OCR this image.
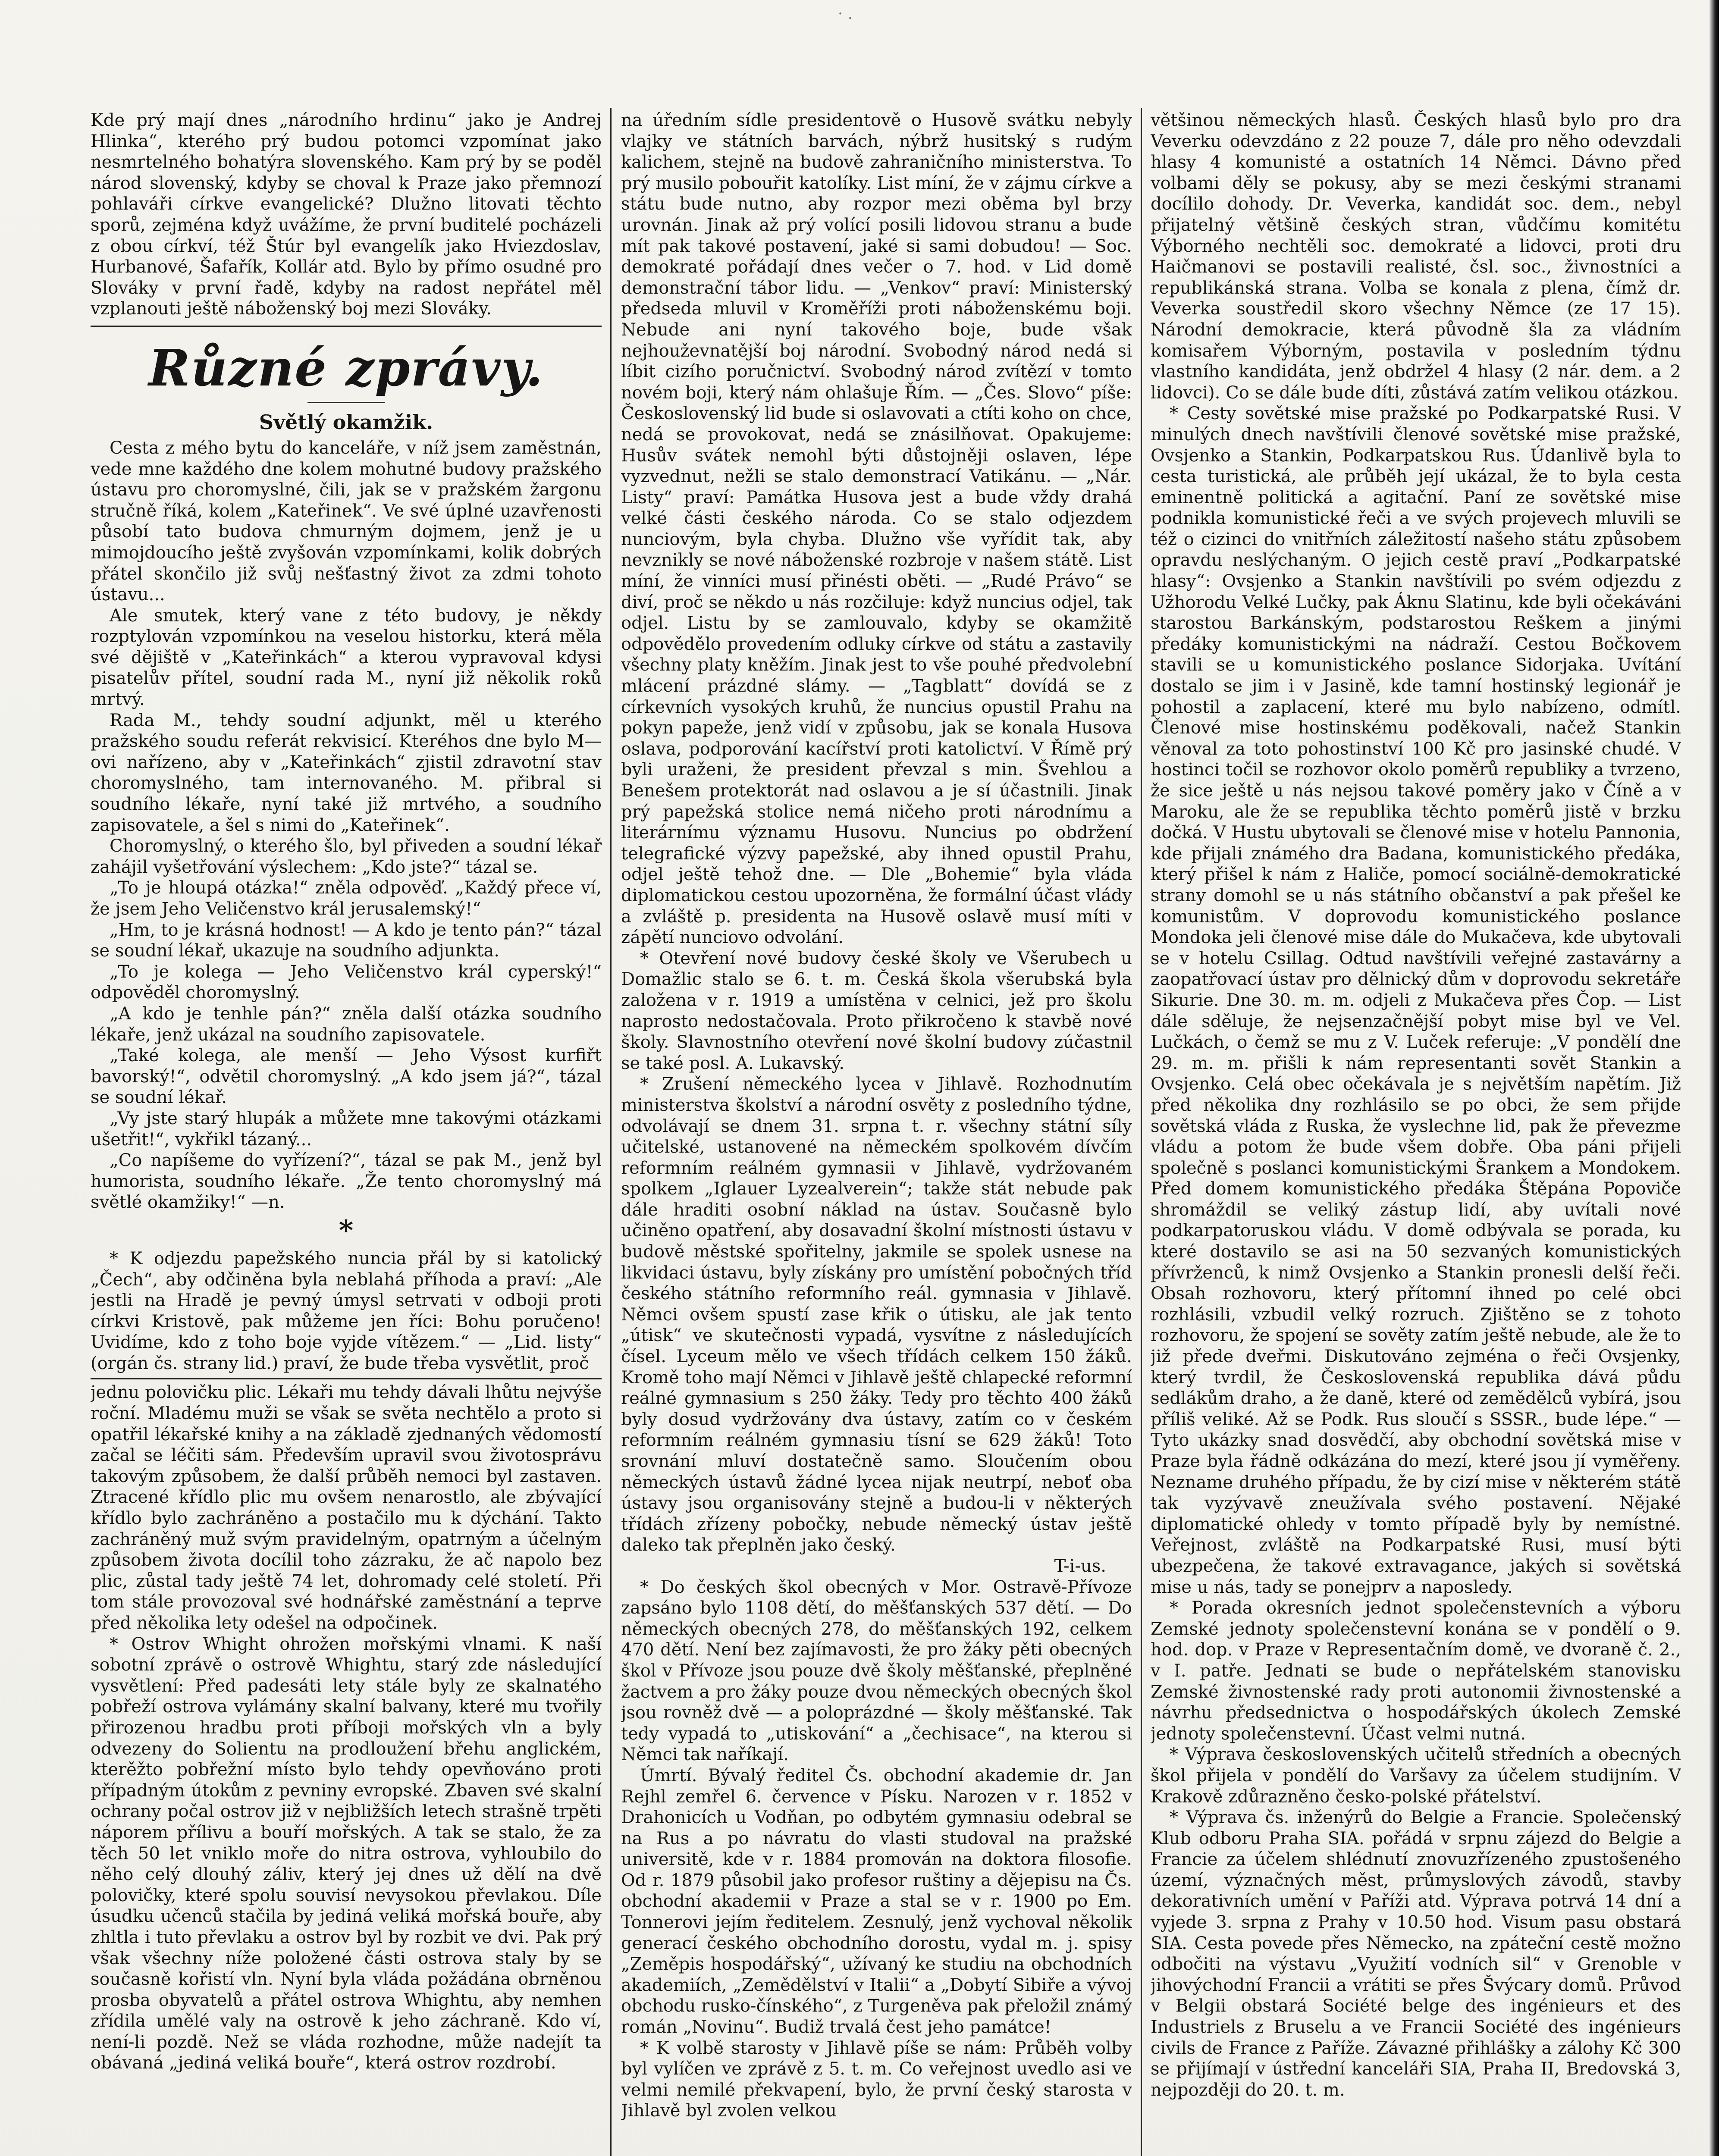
· .

Kde prý mají dnes „národního hrdinu“ jako je Andrej Hlinka“, kterého prý budou potomci vzpomínat jako nesmrtelného bohatýra slovenského. Kam prý by se poděl národ slovenský, kdyby se choval k Praze jako přemnozí pohlaváři církve evangelické? Dlužno litovati těchto sporů, zejména když uvážíme, že první buditelé pocházeli z obou církví, též Štúr byl evangelík jako Hviezdoslav, Hurbanové, Šafařík, Kollár atd. Bylo by přímo osudné pro Slováky v první řadě, kdyby na radost nepřátel měl vzplanouti ještě náboženský boj mezi Slováky.

Různé zprávy.
Světlý okamžik.

Cesta z mého bytu do kanceláře, v níž jsem zaměstnán, vede mne každého dne kolem mohutné budovy pražského ústavu pro choromyslné, čili, jak se v pražském žargonu stručně říká, kolem „Kateřinek“. Ve své úplné uzavřenosti působí tato budova chmurným dojmem, jenž je u mimojdoucího ještě zvyšován vzpomínkami, kolik dobrých přátel skončilo již svůj nešťastný život za zdmi tohoto ústavu...

Ale smutek, který vane z této budovy, je někdy rozptylován vzpomínkou na veselou historku, která měla své dějiště v „Kateřinkách“ a kterou vypravoval kdysi pisatelův přítel, soudní rada M., nyní již několik roků mrtvý.

Rada M., tehdy soudní adjunkt, měl u kterého pražského soudu referát rekvisicí. Kteréhos dne bylo M—ovi nařízeno, aby v „Kateřinkách“ zjistil zdravotní stav choromyslného, tam internovaného. M. přibral si soudního lékaře, nyní také již mrtvého, a soudního zapisovatele, a šel s nimi do „Kateřinek“.

Choromyslný, o kterého šlo, byl přiveden a soudní lékař zahájil vyšetřování výslechem: „Kdo jste?“ tázal se.

„To je hloupá otázka!“ zněla odpověď. „Každý přece ví, že jsem Jeho Veličenstvo král jerusalemský!“

„Hm, to je krásná hodnost! — A kdo je tento pán?“ tázal se soudní lékař, ukazuje na soudního adjunkta.

„To je kolega — Jeho Veličenstvo král cyperský!“ odpověděl choromyslný.

„A kdo je tenhle pán?“ zněla další otázka soudního lékaře, jenž ukázal na soudního zapisovatele.

„Také kolega, ale menší — Jeho Výsost kurfiřt bavorský!“, odvětil choromyslný. „A kdo jsem já?“, tázal se soudní lékař.

„Vy jste starý hlupák a můžete mne takovými otázkami ušetřit!“, vykřikl tázaný...

„Co napíšeme do vyřízení?“, tázal se pak M., jenž byl humorista, soudního lékaře. „Že tento choromyslný má světlé okamžiky!“ —n.

*

* K odjezdu papežského nuncia přál by si katolický „Čech“, aby odčiněna byla neblahá příhoda a praví: „Ale jestli na Hradě je pevný úmysl setrvati v odboji proti církvi Kristově, pak můžeme jen říci: Bohu poručeno! Uvidíme, kdo z toho boje vyjde vítězem.“ — „Lid. listy“ (orgán čs. strany lid.) praví, že bude třeba vysvětlit, proč

jednu polovičku plic. Lékaři mu tehdy dávali lhůtu nejvýše roční. Mladému muži se však se světa nechtělo a proto si opatřil lékařské knihy a na základě zjednaných vědomostí začal se léčiti sám. Především upravil svou životosprávu takovým způsobem, že další průběh nemoci byl zastaven. Ztracené křídlo plic mu ovšem nenarostlo, ale zbývající křídlo bylo zachráněno a postačilo mu k dýchání. Takto zachráněný muž svým pravidelným, opatrným a účelným způsobem života docílil toho zázraku, že ač napolo bez plic, zůstal tady ještě 74 let, dohromady celé století. Při tom stále provozoval své hodnářské zaměstnání a teprve před několika lety odešel na odpočinek.

* Ostrov Whight ohrožen mořskými vlnami. K naší sobotní zprávě o ostrově Whightu, starý zde následující vysvětlení: Před padesáti lety stále byly ze skalnatého pobřeží ostrova vylámány skalní balvany, které mu tvořily přirozenou hradbu proti příboji mořských vln a byly odvezeny do Solientu na prodloužení břehu anglickém, kterěžto pobřežní místo bylo tehdy opevňováno proti případným útokům z pevniny evropské. Zbaven své skalní ochrany počal ostrov již v nejbližších letech strašně trpěti náporem přílivu a bouří mořských. A tak se stalo, že za těch 50 let vniklo moře do nitra ostrova, vyhloubilo do něho celý dlouhý záliv, který jej dnes už dělí na dvě polovičky, které spolu souvisí nevysokou převlakou. Díle úsudku učenců stačila by jediná veliká mořská bouře, aby zhltla i tuto převlaku a ostrov byl by rozbit ve dvi. Pak prý však všechny níže položené části ostrova staly by se současně kořistí vln. Nyní byla vláda požádána obrněnou prosba obyvatelů a přátel ostrova Whightu, aby nemhen zřídila umělé valy na ostrově k jeho záchraně. Kdo ví, není-li pozdě. Než se vláda rozhodne, může nadejít ta obávaná „jediná veliká bouře“, která ostrov rozdrobí.

na úředním sídle presidentově o Husově svátku nebyly vlajky ve státních barvách, nýbrž husitský s rudým kalichem, stejně na budově zahraničního ministerstva. To prý musilo pobouřit katolíky. List míní, že v zájmu církve a státu bude nutno, aby rozpor mezi oběma byl brzy urovnán. Jinak až prý volící posili lidovou stranu a bude mít pak takové postavení, jaké si sami dobudou! — Soc. demokraté pořádají dnes večer o 7. hod. v Lid domě demonstrační tábor lidu. — „Venkov“ praví: Ministerský předseda mluvil v Kroměříži proti náboženskému boji. Nebude ani nyní takového boje, bude však nejhouževnatější boj národní. Svobodný národ nedá si líbit cizího poručnictví. Svobodný národ zvítězí v tomto novém boji, který nám ohlašuje Řím. — „Čes. Slovo“ píše: Československý lid bude si oslavovati a ctíti koho on chce, nedá se provokovat, nedá se znásilňovat. Opakujeme: Husův svátek nemohl býti důstojněji oslaven, lépe vyzvednut, nežli se stalo demonstrací Vatikánu. — „Nár. Listy“ praví: Památka Husova jest a bude vždy drahá velké části českého národa. Co se stalo odjezdem nunciovým, byla chyba. Dlužno vše vyřídit tak, aby nevznikly se nové náboženské rozbroje v našem státě. List míní, že vinníci musí přinésti oběti. — „Rudé Právo“ se diví, proč se někdo u nás rozčiluje: když nuncius odjel, tak odjel. Listu by se zamlouvalo, kdyby se okamžitě odpovědělo provedením odluky církve od státu a zastavily všechny platy kněžím. Jinak jest to vše pouhé předvolební mlácení prázdné slámy. — „Tagblatt“ dovídá se z církevních vysokých kruhů, že nuncius opustil Prahu na pokyn papeže, jenž vidí v způsobu, jak se konala Husova oslava, podporování kacířství proti katolictví. V Římě prý byli uraženi, že president převzal s min. Švehlou a Benešem protektorát nad oslavou a je sí účastnili. Jinak prý papežská stolice nemá ničeho proti národnímu a literárnímu významu Husovu. Nuncius po obdržení telegrafické výzvy papežské, aby ihned opustil Prahu, odjel ještě tehož dne. — Dle „Bohemie“ byla vláda diplomatickou cestou upozorněna, že formální účast vlády a zvláště p. presidenta na Husově oslavě musí míti v zápětí nunciovo odvolání.

* Otevření nové budovy české školy ve Všerubech u Domažlic stalo se 6. t. m. Česká škola všerubská byla založena v r. 1919 a umístěna v celnici, jež pro školu naprosto nedostačovala. Proto přikročeno k stavbě nové školy. Slavnostního otevření nové školní budovy zúčastnil se také posl. A. Lukavský.

* Zrušení německého lycea v Jihlavě. Rozhodnutím ministerstva školství a národní osvěty z posledního týdne, odvolávají se dnem 31. srpna t. r. všechny státní síly učitelské, ustanovené na německém spolkovém dívčím reformním reálném gymnasii v Jihlavě, vydržovaném spolkem „Iglauer Lyzealverein“; takže stát nebude pak dále hraditi osobní náklad na ústav. Současně bylo učiněno opatření, aby dosavadní školní místnosti ústavu v budově městské spořitelny, jakmile se spolek usnese na likvidaci ústavu, byly získány pro umístění pobočných tříd českého státního reformního reál. gymnasia v Jihlavě. Němci ovšem spustí zase křik o útisku, ale jak tento „útisk“ ve skutečnosti vypadá, vysvítne z následujících čísel. Lyceum mělo ve všech třídách celkem 150 žáků. Kromě toho mají Němci v Jihlavě ještě chlapecké reformní reálné gymnasium s 250 žáky. Tedy pro těchto 400 žáků byly dosud vydržovány dva ústavy, zatím co v českém reformním reálném gymnasiu tísní se 629 žáků! Toto srovnání mluví dostatečně samo. Sloučením obou německých ústavů žádné lycea nijak neutrpí, neboť oba ústavy jsou organisovány stejně a budou-li v některých třídách zřízeny pobočky, nebude německý ústav ještě daleko tak přeplněn jako český.

T-i-us.

* Do českých škol obecných v Mor. Ostravě-Přívoze zapsáno bylo 1108 dětí, do měšťanských 537 dětí. — Do německých obecných 278, do měšťanských 192, celkem 470 dětí. Není bez zajímavosti, že pro žáky pěti obecných škol v Přívoze jsou pouze dvě školy měšťanské, přeplněné žactvem a pro žáky pouze dvou německých obecných škol jsou rovněž dvě — a poloprázdné — školy měšťanské. Tak tedy vypadá to „utiskování“ a „čechisace“, na kterou si Němci tak naříkají.

Úmrtí. Bývalý ředitel Čs. obchodní akademie dr. Jan Rejhl zemřel 6. července v Písku. Narozen v r. 1852 v Drahonicích u Vodňan, po odbytém gymnasiu odebral se na Rus a po návratu do vlasti studoval na pražské universitě, kde v r. 1884 promován na doktora filosofie. Od r. 1879 působil jako profesor ruštiny a dějepisu na Čs. obchodní akademii v Praze a stal se v r. 1900 po Em. Tonnerovi jejím ředitelem. Zesnulý, jenž vychoval několik generací českého obchodního dorostu, vydal m. j. spisy „Zeměpis hospodářský“, užívaný ke studiu na obchodních akademiích, „Zemědělství v Italii“ a „Dobytí Sibiře a vývoj obchodu rusko-čínského“, z Turgeněva pak přeložil známý román „Novinu“. Budiž trvalá čest jeho památce!

* K volbě starosty v Jihlavě píše se nám: Průběh volby byl vylíčen ve zprávě z 5. t. m. Co veřejnost uvedlo asi ve velmi nemilé překvapení, bylo, že první český starosta v Jihlavě byl zvolen velkou

většinou německých hlasů. Českých hlasů bylo pro dra Veverku odevzdáno z 22 pouze 7, dále pro něho odevzdali hlasy 4 komunisté a ostatních 14 Němci. Dávno před volbami děly se pokusy, aby se mezi českými stranami docílilo dohody. Dr. Veverka, kandidát soc. dem., nebyl přijatelný většině českých stran, vůdčímu komitétu Výborného nechtěli soc. demokraté a lidovci, proti dru Haičmanovi se postavili realisté, čsl. soc., živnostníci a republikánská strana. Volba se konala z plena, čímž dr. Veverka soustředil skoro všechny Němce (ze 17 15). Národní demokracie, která původně šla za vládním komisařem Výborným, postavila v posledním týdnu vlastního kandidáta, jenž obdržel 4 hlasy (2 nár. dem. a 2 lidovci). Co se dále bude díti, zůstává zatím velikou otázkou.

* Cesty sovětské mise pražské po Podkarpatské Rusi. V minulých dnech navštívili členové sovětské mise pražské, Ovsjenko a Stankin, Podkarpatskou Rus. Údanlivě byla to cesta turistická, ale průběh její ukázal, že to byla cesta eminentně politická a agitační. Paní ze sovětské mise podnikla komunistické řeči a ve svých projevech mluvili se též o cizinci do vnitřních záležitostí našeho státu způsobem opravdu neslýchaným. O jejich cestě praví „Podkarpatské hlasy“: Ovsjenko a Stankin navštívili po svém odjezdu z Užhorodu Velké Lučky, pak Áknu Slatinu, kde byli očekáváni starostou Barkánským, podstarostou Reškem a jinými předáky komunistickými na nádraží. Cestou Bočkovem stavili se u komunistického poslance Sidorjaka. Uvítání dostalo se jim i v Jasině, kde tamní hostinský legionář je pohostil a zaplacení, které mu bylo nabízeno, odmítl. Členové mise hostinskému poděkovali, načež Stankin věnoval za toto pohostinství 100 Kč pro jasinské chudé. V hostinci točil se rozhovor okolo poměrů republiky a tvrzeno, že sice ještě u nás nejsou takové poměry jako v Číně a v Maroku, ale že se republika těchto poměrů jistě v brzku dočká. V Hustu ubytovali se členové mise v hotelu Pannonia, kde přijali známého dra Badana, komunistického předáka, který přišel k nám z Haliče, pomocí sociálně-demokratické strany domohl se u nás státního občanství a pak přešel ke komunistům. V doprovodu komunistického poslance Mondoka jeli členové mise dále do Mukačeva, kde ubytovali se v hotelu Csillag. Odtud navštívili veřejné zastavárny a zaopatřovací ústav pro dělnický dům v doprovodu sekretáře Sikurie. Dne 30. m. m. odjeli z Mukačeva přes Čop. — List dále sděluje, že nejsenzačnější pobyt mise byl ve Vel. Lučkách, o čemž se mu z V. Luček referuje: „V pondělí dne 29. m. m. přišli k nám representanti sovět Stankin a Ovsjenko. Celá obec očekávala je s největším napětím. Již před několika dny rozhlásilo se po obci, že sem přijde sovětská vláda z Ruska, že vyslechne lid, pak že převezme vládu a potom že bude všem dobře. Oba páni přijeli společně s poslanci komunistickými Šrankem a Mondokem. Před domem komunistického předáka Štěpána Popoviče shromáždil se veliký zástup lidí, aby uvítali nové podkarpatoruskou vládu. V domě odbývala se porada, ku které dostavilo se asi na 50 sezvaných komunistických přívrženců, k nimž Ovsjenko a Stankin pronesli delší řeči. Obsah rozhovoru, který přítomní ihned po celé obci rozhlásili, vzbudil velký rozruch. Zjištěno se z tohoto rozhovoru, že spojení se sověty zatím ještě nebude, ale že to již přede dveřmi. Diskutováno zejména o řeči Ovsjenky, který tvrdil, že Československá republika dává půdu sedlákům draho, a že daně, které od zemědělců vybírá, jsou příliš veliké. Až se Podk. Rus sloučí s SSSR., bude lépe.“ — Tyto ukázky snad dosvědčí, aby obchodní sovětská mise v Praze byla řádně odkázána do mezí, které jsou jí vyměřeny. Nezname druhého případu, že by cizí mise v některém státě tak vyzývavě zneužívala svého postavení. Nějaké diplomatické ohledy v tomto případě byly by nemístné. Veřejnost, zvláště na Podkarpatské Rusi, musí býti ubezpečena, že takové extravagance, jakých si sovětská mise u nás, tady se ponejprv a naposledy.

* Porada okresních jednot společenstevních a výboru Zemské jednoty společenstevní konána se v pondělí o 9. hod. dop. v Praze v Representačním domě, ve dvoraně č. 2., v I. patře. Jednati se bude o nepřátelském stanovisku Zemské živnostenské rady proti autonomii živnostenské a návrhu předsednictva o hospodářských úkolech Zemské jednoty společenstevní. Účast velmi nutná.

* Výprava československých učitelů středních a obecných škol přijela v pondělí do Varšavy za účelem studijním. V Krakově zdůrazněno česko-polské přátelství.

* Výprava čs. inženýrů do Belgie a Francie. Společenský Klub odboru Praha SIA. pořádá v srpnu zájezd do Belgie a Francie za účelem shlédnutí znovuzřízeného zpustošeného území, význačných měst, průmyslových závodů, stavby dekorativních umění v Paříži atd. Výprava potrvá 14 dní a vyjede 3. srpna z Prahy v 10.50 hod. Visum pasu obstará SIA. Cesta povede přes Německo, na zpáteční cestě možno odbočiti na výstavu „Využití vodních sil“ v Grenoble v jihovýchodní Francii a vrátiti se přes Švýcary domů. Průvod v Belgii obstará Société belge des ingénieurs et des Industriels z Bruselu a ve Francii Société des ingénieurs civils de France z Paříže. Závazné přihlášky a zálohy Kč 300 se přijímají v ústřední kanceláři SIA, Praha II, Bredovská 3, nejpozději do 20. t. m.
